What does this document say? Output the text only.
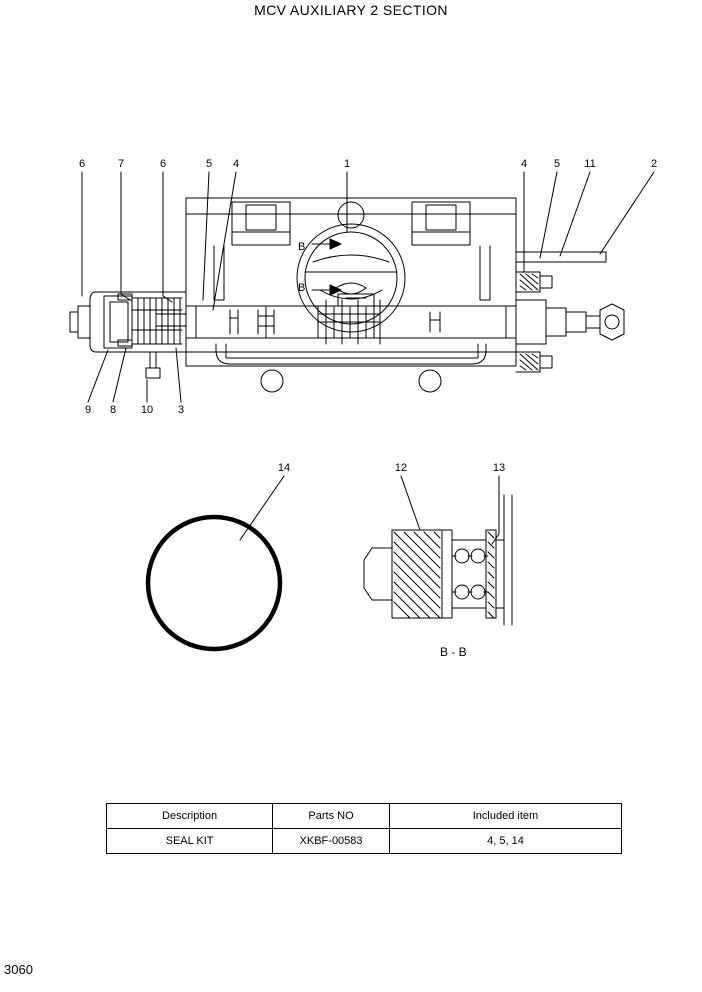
MCV AUXILIARY 2 SECTION
B
B
B - B
6	7	6	5	4	1	4	5	11	2
9	8	10	3
14	12	13
Description	Parts NO	Included item
SEAL KIT	XKBF-00583	4, 5, 14
3060
